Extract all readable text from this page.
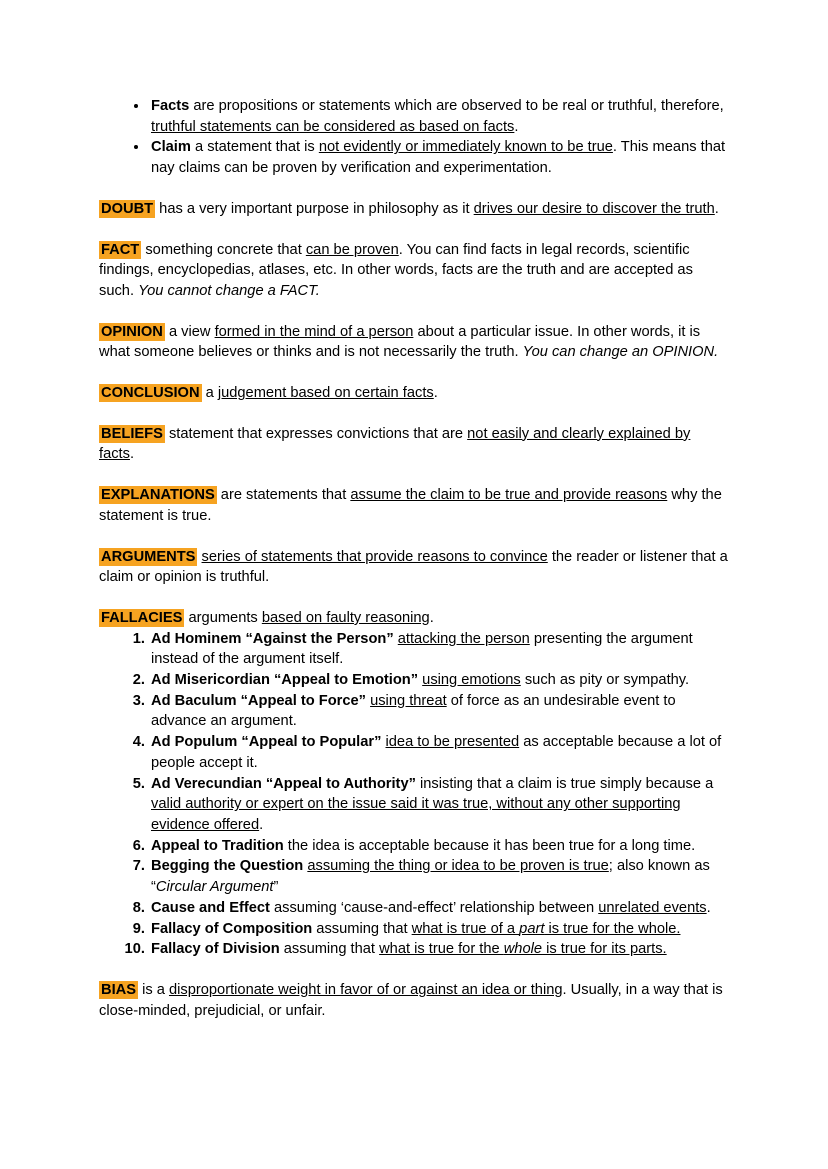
• Facts are propositions or statements which are observed to be real or truthful, therefore, truthful statements can be considered as based on facts.
• Claim a statement that is not evidently or immediately known to be true. This means that nay claims can be proven by verification and experimentation.

DOUBT has a very important purpose in philosophy as it drives our desire to discover the truth.

FACT something concrete that can be proven. You can find facts in legal records, scientific findings, encyclopedias, atlases, etc. In other words, facts are the truth and are accepted as such. You cannot change a FACT.

OPINION a view formed in the mind of a person about a particular issue. In other words, it is what someone believes or thinks and is not necessarily the truth. You can change an OPINION.

CONCLUSION a judgement based on certain facts.

BELIEFS statement that expresses convictions that are not easily and clearly explained by facts.

EXPLANATIONS are statements that assume the claim to be true and provide reasons why the statement is true.

ARGUMENTS series of statements that provide reasons to convince the reader or listener that a claim or opinion is truthful.

FALLACIES arguments based on faulty reasoning.

1. Ad Hominem “Against the Person” attacking the person presenting the argument instead of the argument itself.
2. Ad Misericordian “Appeal to Emotion” using emotions such as pity or sympathy.
3. Ad Baculum “Appeal to Force” using threat of force as an undesirable event to advance an argument.
4. Ad Populum “Appeal to Popular” idea to be presented as acceptable because a lot of people accept it.
5. Ad Verecundian “Appeal to Authority” insisting that a claim is true simply because a valid authority or expert on the issue said it was true, without any other supporting evidence offered.
6. Appeal to Tradition the idea is acceptable because it has been true for a long time.
7. Begging the Question assuming the thing or idea to be proven is true; also known as “Circular Argument”
8. Cause and Effect assuming ‘cause-and-effect’ relationship between unrelated events.
9. Fallacy of Composition assuming that what is true of a part is true for the whole.
10. Fallacy of Division assuming that what is true for the whole is true for its parts.

BIAS is a disproportionate weight in favor of or against an idea or thing. Usually, in a way that is close-minded, prejudicial, or unfair.
